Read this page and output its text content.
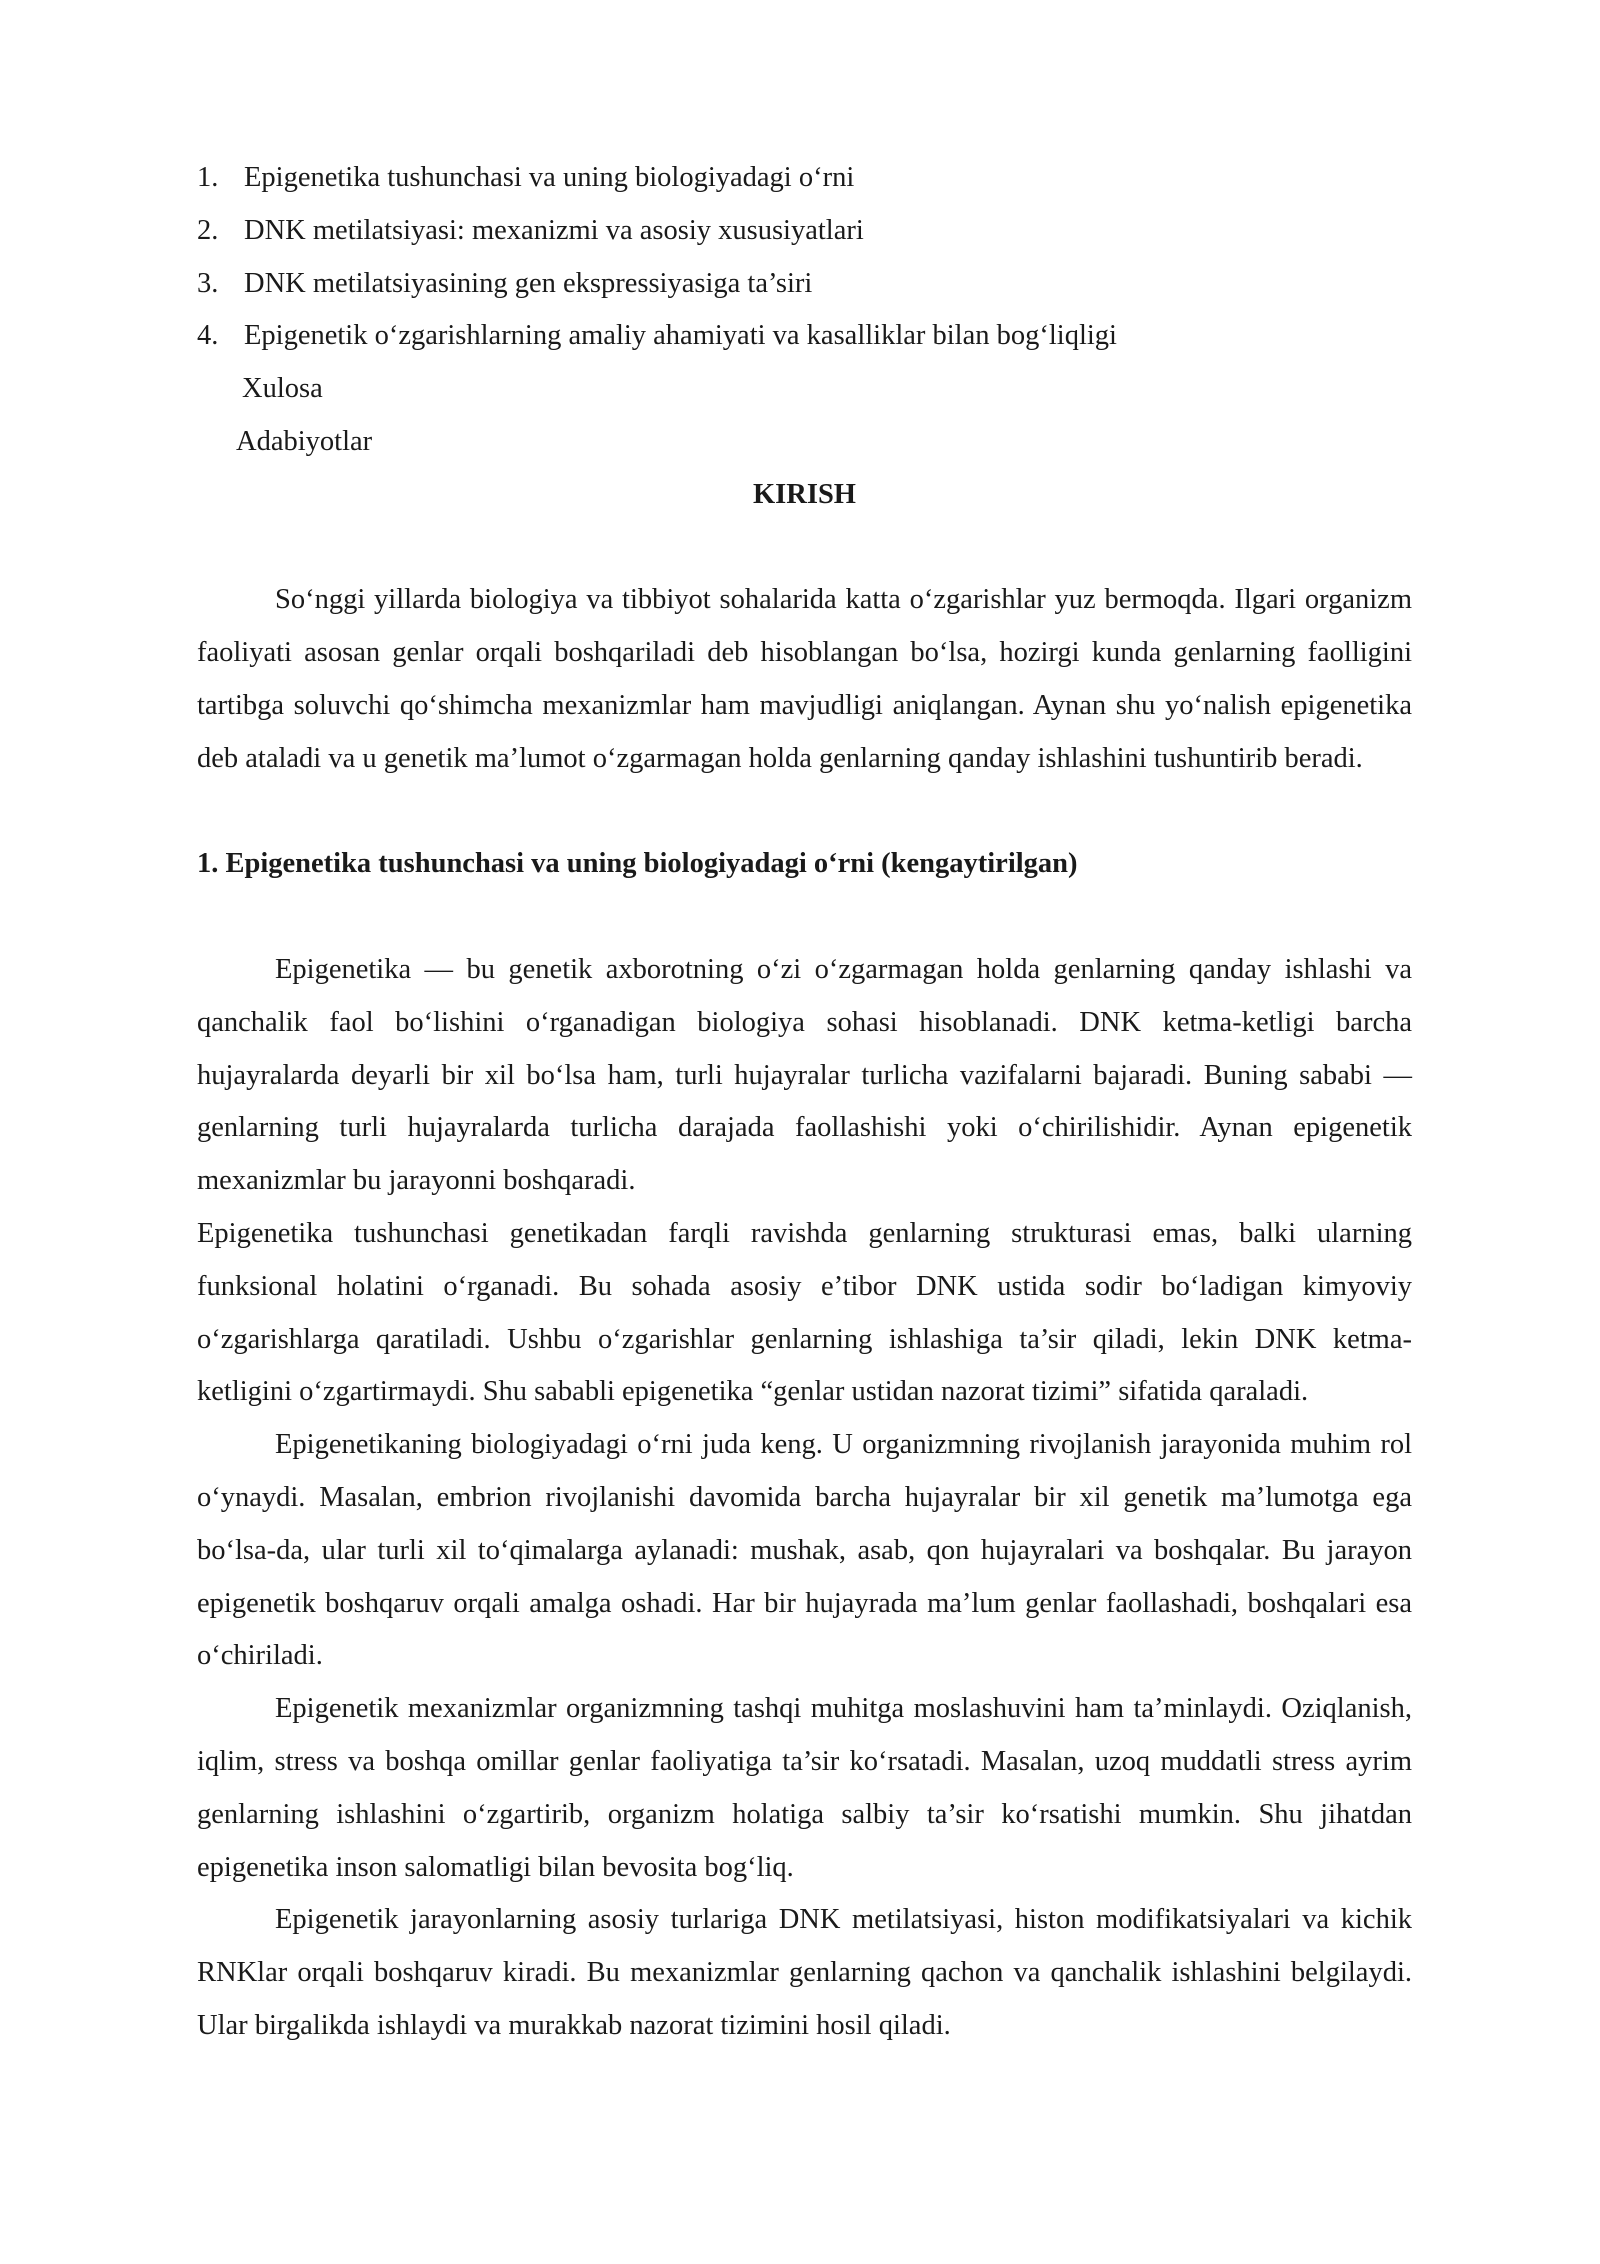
1. Epigenetika tushunchasi va uning biologiyadagi o‘rni
2. DNK metilatsiyasi: mexanizmi va asosiy xususiyatlari
3. DNK metilatsiyasining gen ekspressiyasiga ta’siri
4. Epigenetik o‘zgarishlarning amaliy ahamiyati va kasalliklar bilan bog‘liqligi
Xulosa
Adabiyotlar
KIRISH

So‘nggi yillarda biologiya va tibbiyot sohalarida katta o‘zgarishlar yuz bermoqda. Ilgari organizm faoliyati asosan genlar orqali boshqariladi deb hisoblangan bo‘lsa, hozirgi kunda genlarning faolligini tartibga soluvchi qo‘shimcha mexanizmlar ham mavjudligi aniqlangan. Aynan shu yo‘nalish epigenetika deb ataladi va u genetik ma’lumot o‘zgarmagan holda genlarning qanday ishlashini tushuntirib beradi.

1. Epigenetika tushunchasi va uning biologiyadagi o‘rni (kengaytirilgan)

Epigenetika — bu genetik axborotning o‘zi o‘zgarmagan holda genlarning qanday ishlashi va qanchalik faol bo‘lishini o‘rganadigan biologiya sohasi hisoblanadi. DNK ketma-ketligi barcha hujayralarda deyarli bir xil bo‘lsa ham, turli hujayralar turlicha vazifalarni bajaradi. Buning sababi — genlarning turli hujayralarda turlicha darajada faollashishi yoki o‘chirilishidir. Aynan epigenetik mexanizmlar bu jarayonni boshqaradi.

Epigenetika tushunchasi genetikadan farqli ravishda genlarning strukturasi emas, balki ularning funksional holatini o‘rganadi. Bu sohada asosiy e’tibor DNK ustida sodir bo‘ladigan kimyoviy o‘zgarishlarga qaratiladi. Ushbu o‘zgarishlar genlarning ishlashiga ta’sir qiladi, lekin DNK ketma-ketligini o‘zgartirmaydi. Shu sababli epigenetika “genlar ustidan nazorat tizimi” sifatida qaraladi.

Epigenetikaning biologiyadagi o‘rni juda keng. U organizmning rivojlanish jarayonida muhim rol o‘ynaydi. Masalan, embrion rivojlanishi davomida barcha hujayralar bir xil genetik ma’lumotga ega bo‘lsa-da, ular turli xil to‘qimalarga aylanadi: mushak, asab, qon hujayralari va boshqalar. Bu jarayon epigenetik boshqaruv orqali amalga oshadi. Har bir hujayrada ma’lum genlar faollashadi, boshqalari esa o‘chiriladi.

Epigenetik mexanizmlar organizmning tashqi muhitga moslashuvini ham ta’minlaydi. Oziqlanish, iqlim, stress va boshqa omillar genlar faoliyatiga ta’sir ko‘rsatadi. Masalan, uzoq muddatli stress ayrim genlarning ishlashini o‘zgartirib, organizm holatiga salbiy ta’sir ko‘rsatishi mumkin. Shu jihatdan epigenetika inson salomatligi bilan bevosita bog‘liq.

Epigenetik jarayonlarning asosiy turlariga DNK metilatsiyasi, histon modifikatsiyalari va kichik RNKlar orqali boshqaruv kiradi. Bu mexanizmlar genlarning qachon va qanchalik ishlashini belgilaydi. Ular birgalikda ishlaydi va murakkab nazorat tizimini hosil qiladi.
